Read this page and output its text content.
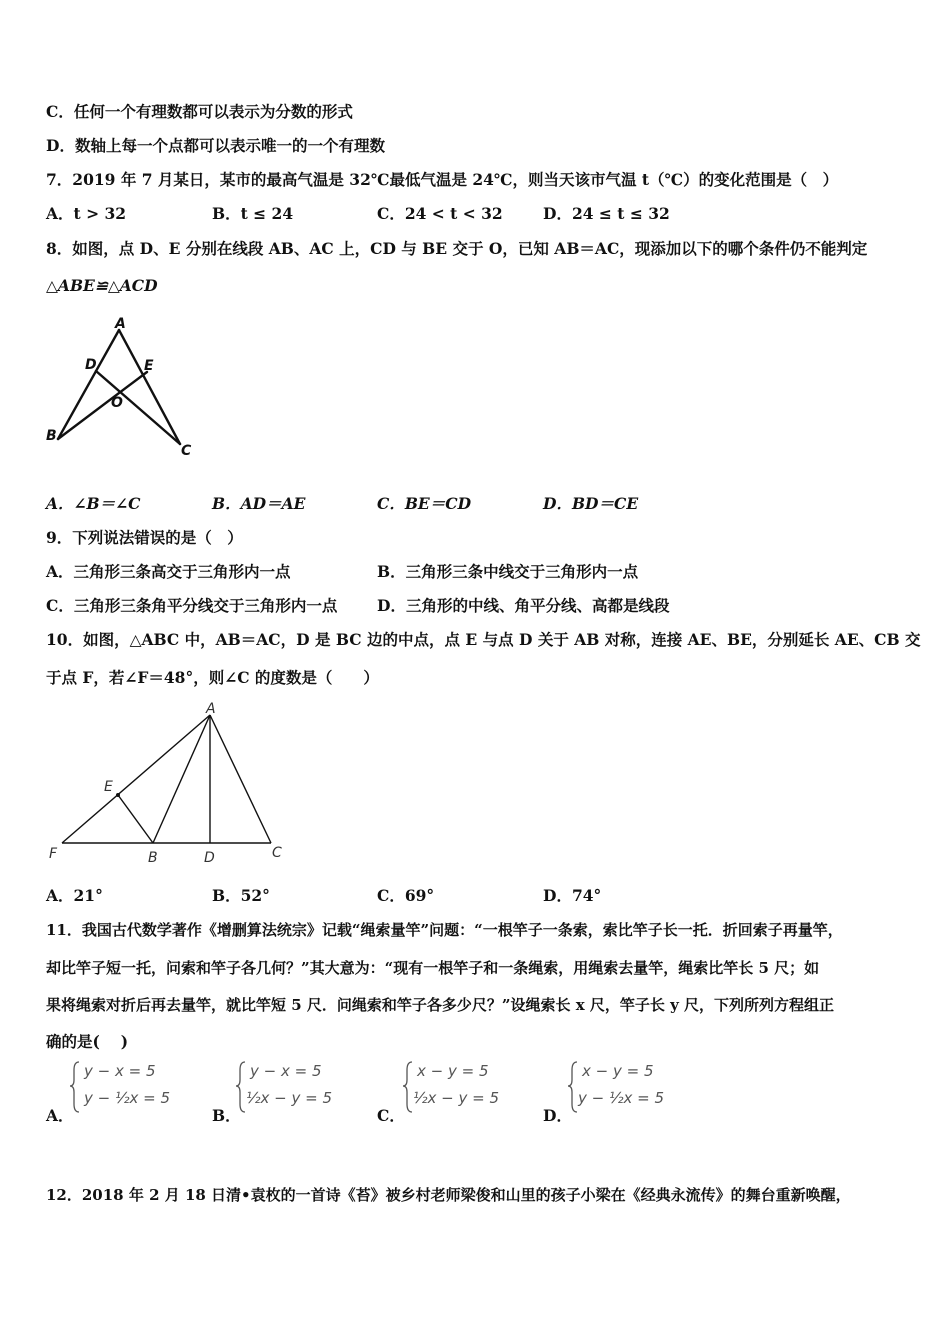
C．任何一个有理数都可以表示为分数的形式
D．数轴上每一个点都可以表示唯一的一个有理数
7．2019 年 7 月某日，某市的最高气温是 32℃最低气温是 24℃，则当天该市气温 t（℃）的变化范围是（　）
A．t > 32	B．t ≤ 24	C．24 < t < 32	D．24 ≤ t ≤ 32
8．如图，点 D、E 分别在线段 AB、AC 上，CD 与 BE 交于 O，已知 AB＝AC，现添加以下的哪个条件仍不能判定
△ABE≌△ACD
A
D	E
O
B
C
A．∠B＝∠C	B．AD＝AE	C．BE＝CD	D．BD＝CE
9．下列说法错误的是（　）
A．三角形三条高交于三角形内一点	B．三角形三条中线交于三角形内一点
C．三角形三条角平分线交于三角形内一点	D．三角形的中线、角平分线、高都是线段
10．如图，△ABC 中，AB＝AC，D 是 BC 边的中点，点 E 与点 D 关于 AB 对称，连接 AE、BE，分别延长 AE、CB 交
于点 F，若∠F＝48°，则∠C 的度数是（　　）
A
E
F	B	D	C
A．21°	B．52°	C．69°	D．74°
11．我国古代数学著作《增删算法统宗》记载“绳索量竿”问题：“一根竿子一条索，索比竿子长一托．折回索子再量竿，
却比竿子短一托，问索和竿子各几何？”其大意为：“现有一根竿子和一条绳索，用绳索去量竿，绳索比竿长 5 尺；如
果将绳索对折后再去量竿，就比竿短 5 尺．问绳索和竿子各多少尺？”设绳索长 x 尺，竿子长 y 尺，下列所列方程组正
确的是(　 )
A．
y − x = 5
y − ½x = 5
B．
y − x = 5
½x − y = 5
C．
x − y = 5
½x − y = 5
D．
x − y = 5
y − ½x = 5
12．2018 年 2 月 18 日清•袁枚的一首诗《苔》被乡村老师梁俊和山里的孩子小梁在《经典永流传》的舞台重新唤醒，
